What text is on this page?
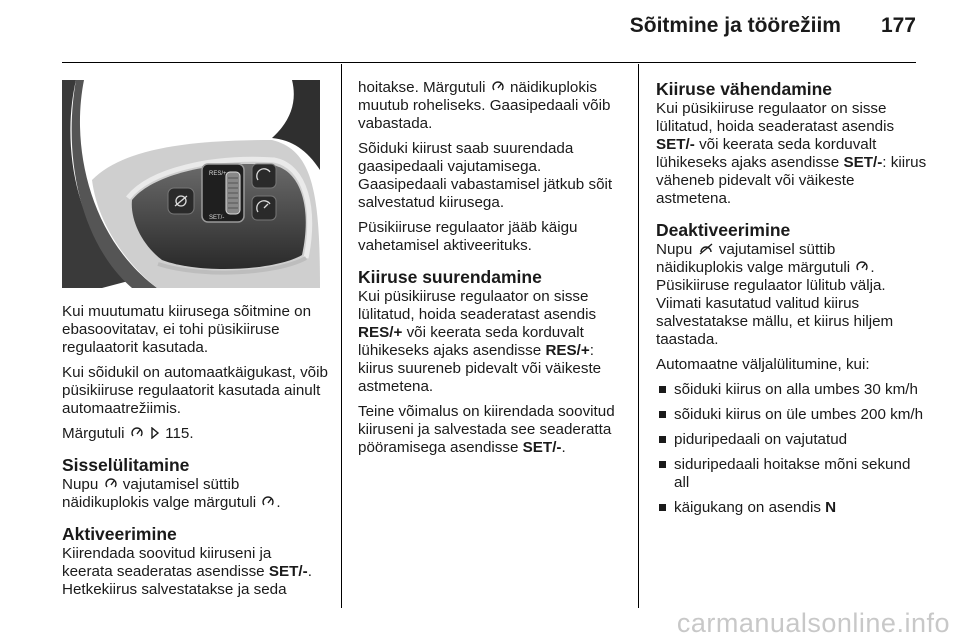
Sõitmine ja töörežiim 177
RES/+
SET/-

Kui muutumatu kiirusega sõitmine on ebasoovitatav, ei tohi püsikiiruse regulaatorit kasutada.

Kui sõidukil on automaatkäigukast, võib püsikiiruse regulaatorit kasutada ainult automaatrežiimis.

Märgutuli	115.

Sisselülitamine
Nupu vajutamisel süttib
näidikuplokis valge märgutuli .
Aktiveerimine
Kiirendada soovitud kiiruseni ja
keerata seaderatas asendisse SET/-.
Hetkekiirus salvestatakse ja seda

hoitakse. Märgutuli näidikuplokis
muutub roheliseks. Gaasipedaali võib
vabastada.

Sõiduki kiirust saab suurendada gaasipedaali vajutamisega. Gaasipedaali vabastamisel jätkub sõit salvestatud kiirusega.

Püsikiiruse regulaator jääb käigu vahetamisel aktiveerituks.

Kiiruse suurendamine

Kui püsikiiruse regulaator on sisse
lülitatud, hoida seaderatast asendis
RES/+ või keerata seda korduvalt
lühikeseks ajaks asendisse RES/+:
kiirus suureneb pidevalt või väikeste astmetena.

Teine võimalus on kiirendada soovitud kiiruseni ja salvestada see seaderatta pööramisega asendisse SET/-.

Kiiruse vähendamine

Kui püsikiiruse regulaator on sisse lülitatud, hoida seaderatast asendis SET/- või keerata seda korduvalt lühikeseks ajaks asendisse SET/-: kiirus väheneb pidevalt või väikeste astmetena.

Deaktiveerimine

Nupu vajutamisel süttib
näidikuplokis valge märgutuli .
Püsikiiruse regulaator lülitub välja. Viimati kasutatud valitud kiirus salvestatakse mällu, et kiirus hiljem taastada.

Automaatne väljalülitumine, kui:

sõiduki kiirus on alla umbes 30 km/h
sõiduki kiirus on üle umbes 200 km/h
piduripedaali on vajutatud
siduripedaali hoitakse mõni sekund all
käigukang on asendis N
carmanualsonline.info
